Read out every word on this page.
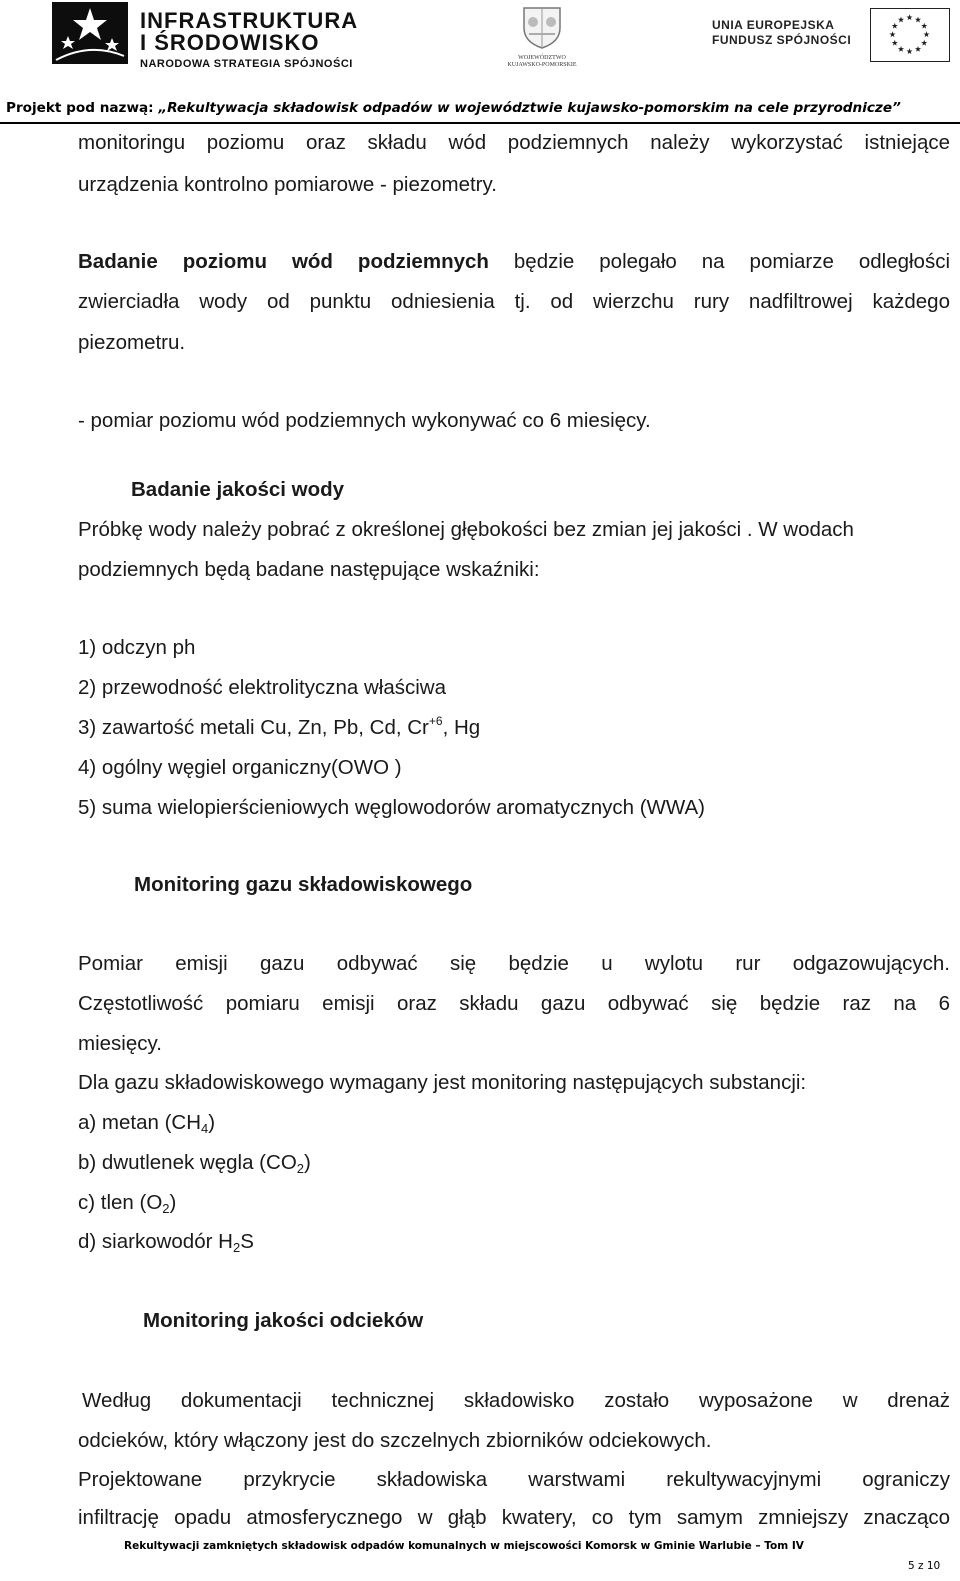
INFRASTRUKTURA
I ŚRODOWISKO
NARODOWA STRATEGIA SPÓJNOŚCI	WOJEWÓDZTWO
KUJAWSKO-POMORSKIE
UNIA EUROPEJSKA
FUNDUSZ SPÓJNOŚCI
Projekt pod nazwą: „Rekultywacja składowisk odpadów w województwie kujawsko-pomorskim na cele przyrodnicze”
monitoringu poziomu oraz składu wód podziemnych należy wykorzystać istniejące
urządzenia kontrolno pomiarowe - piezometry.
Badanie poziomu wód podziemnych będzie polegało na pomiarze odległości
zwierciadła wody od punktu odniesienia tj. od wierzchu rury nadfiltrowej każdego
piezometru.
- pomiar poziomu wód podziemnych wykonywać co 6 miesięcy.
Badanie jakości wody
Próbkę wody należy pobrać z określonej głębokości bez zmian jej jakości . W wodach
podziemnych będą badane następujące wskaźniki:
1) odczyn ph
2) przewodność elektrolityczna właściwa
3) zawartość metali Cu, Zn, Pb, Cd, $Cr^{+6}$, Hg
4) ogólny węgiel organiczny(OWO )
5) suma wielopierścieniowych węglowodorów aromatycznych (WWA)
Monitoring gazu składowiskowego
Pomiar emisji gazu odbywać się będzie u wylotu rur odgazowujących.
Częstotliwość pomiaru emisji oraz składu gazu odbywać się będzie raz na 6
miesięcy.
Dla gazu składowiskowego wymagany jest monitoring następujących substancji:
a) metan $(CH_4)$
b) dwutlenek węgla $(CO_2)$
c) tlen $(O_2)$
d) siarkowodór $H_2S$
Monitoring jakości odcieków
Według dokumentacji technicznej składowisko zostało wyposażone w drenaż
odcieków, który włączony jest do szczelnych zbiorników odciekowych.
Projektowane przykrycie składowiska warstwami rekultywacyjnymi ograniczy
infiltrację opadu atmosferycznego w głąb kwatery, co tym samym zmniejszy znacząco
Rekultywacji zamkniętych składowisk odpadów komunalnych w miejscowości Komorsk w Gminie Warlubie – Tom IV
5 z 10
